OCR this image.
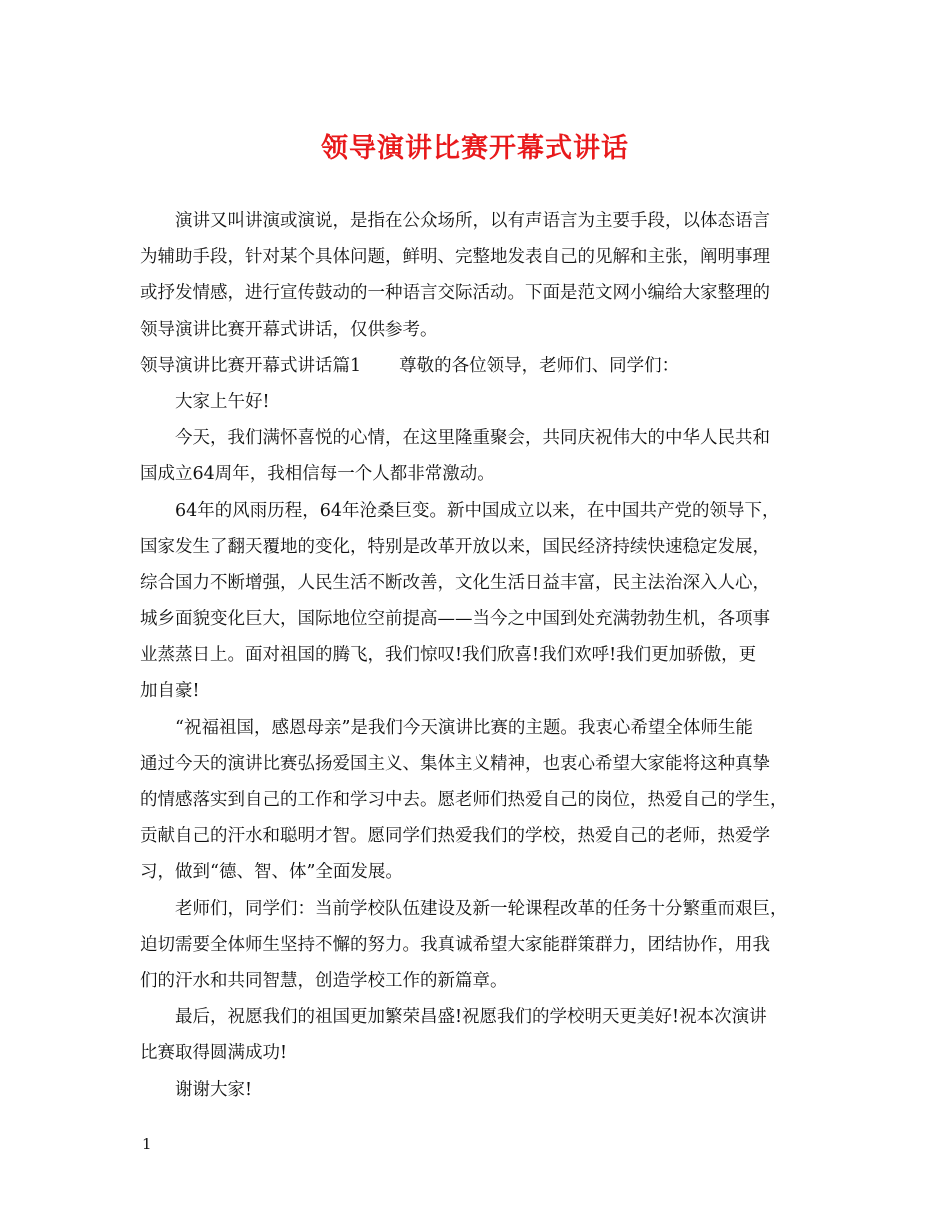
领导演讲比赛开幕式讲话
演讲又叫讲演或演说，是指在公众场所，以有声语言为主要手段，以体态语言
为辅助手段，针对某个具体问题，鲜明、完整地发表自己的见解和主张，阐明事理
或抒发情感，进行宣传鼓动的一种语言交际活动。下面是范文网小编给大家整理的
领导演讲比赛开幕式讲话，仅供参考。
领导演讲比赛开幕式讲话篇1 尊敬的各位领导，老师们、同学们：
大家上午好!
今天，我们满怀喜悦的心情，在这里隆重聚会，共同庆祝伟大的中华人民共和
国成立64周年，我相信每一个人都非常激动。
64年的风雨历程，64年沧桑巨变。新中国成立以来，在中国共产党的领导下，
国家发生了翻天覆地的变化，特别是改革开放以来，国民经济持续快速稳定发展，
综合国力不断增强，人民生活不断改善，文化生活日益丰富，民主法治深入人心，
城乡面貌变化巨大，国际地位空前提高——当今之中国到处充满勃勃生机，各项事
业蒸蒸日上。面对祖国的腾飞，我们惊叹!我们欣喜!我们欢呼!我们更加骄傲，更
加自豪!
“祝福祖国，感恩母亲”是我们今天演讲比赛的主题。我衷心希望全体师生能
通过今天的演讲比赛弘扬爱国主义、集体主义精神，也衷心希望大家能将这种真挚
的情感落实到自己的工作和学习中去。愿老师们热爱自己的岗位，热爱自己的学生，
贡献自己的汗水和聪明才智。愿同学们热爱我们的学校，热爱自己的老师，热爱学
习，做到“德、智、体”全面发展。
老师们，同学们：当前学校队伍建设及新一轮课程改革的任务十分繁重而艰巨，
迫切需要全体师生坚持不懈的努力。我真诚希望大家能群策群力，团结协作，用我
们的汗水和共同智慧，创造学校工作的新篇章。
最后，祝愿我们的祖国更加繁荣昌盛!祝愿我们的学校明天更美好!祝本次演讲
比赛取得圆满成功!
谢谢大家!
1
